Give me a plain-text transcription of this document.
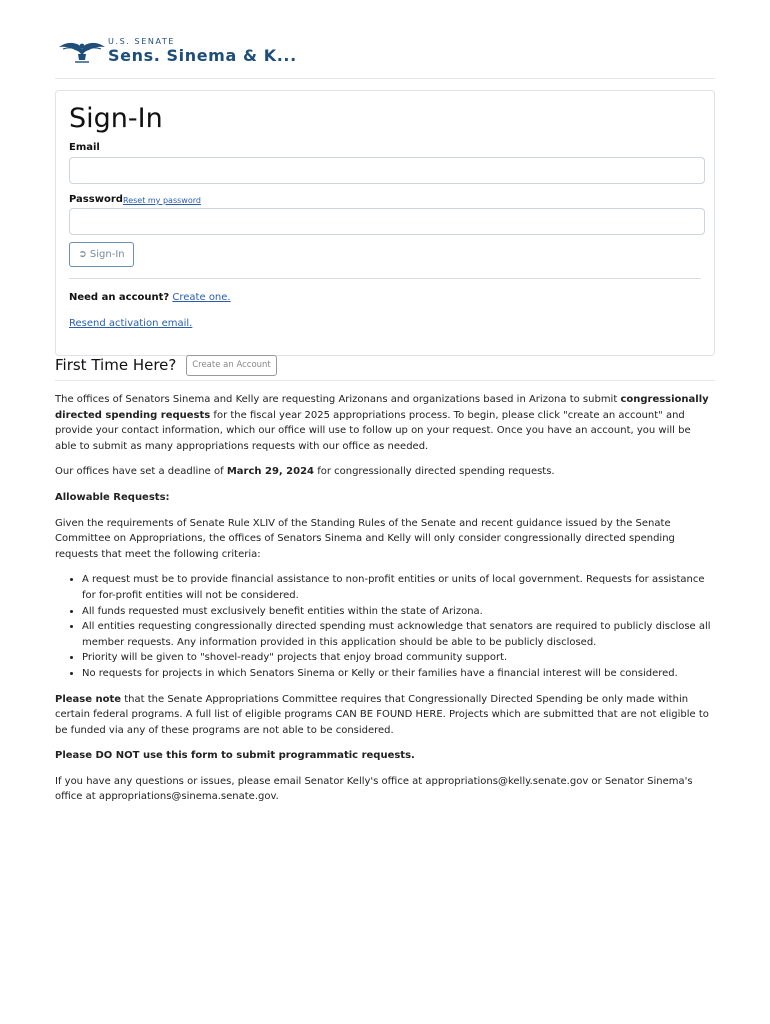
U.S. SENATE
Sens. Sinema & K...
Sign-In
Email
Password Reset my password
➲ Sign-In
Need an account? Create one.
Resend activation email.
First Time Here?	Create an Account

The offices of Senators Sinema and Kelly are requesting Arizonans and organizations based in Arizona to submit congressionally directed spending requests for the fiscal year 2025 appropriations process. To begin, please click "create an account" and provide your contact information, which our office will use to follow up on your request. Once you have an account, you will be able to submit as many appropriations requests with our office as needed.

Our offices have set a deadline of March 29, 2024 for congressionally directed spending requests.

Allowable Requests:

Given the requirements of Senate Rule XLIV of the Standing Rules of the Senate and recent guidance issued by the Senate Committee on Appropriations, the offices of Senators Sinema and Kelly will only consider congressionally directed spending requests that meet the following criteria:

• A request must be to provide financial assistance to non-profit entities or units of local government. Requests for assistance for for-profit entities will not be considered.
• All funds requested must exclusively benefit entities within the state of Arizona.
• All entities requesting congressionally directed spending must acknowledge that senators are required to publicly disclose all member requests. Any information provided in this application should be able to be publicly disclosed.
• Priority will be given to "shovel-ready" projects that enjoy broad community support.
• No requests for projects in which Senators Sinema or Kelly or their families have a financial interest will be considered.

Please note that the Senate Appropriations Committee requires that Congressionally Directed Spending be only made within certain federal programs. A full list of eligible programs CAN BE FOUND HERE. Projects which are submitted that are not eligible to be funded via any of these programs are not able to be considered.

Please DO NOT use this form to submit programmatic requests.

If you have any questions or issues, please email Senator Kelly's office at appropriations@kelly.senate.gov or Senator Sinema's office at appropriations@sinema.senate.gov.
